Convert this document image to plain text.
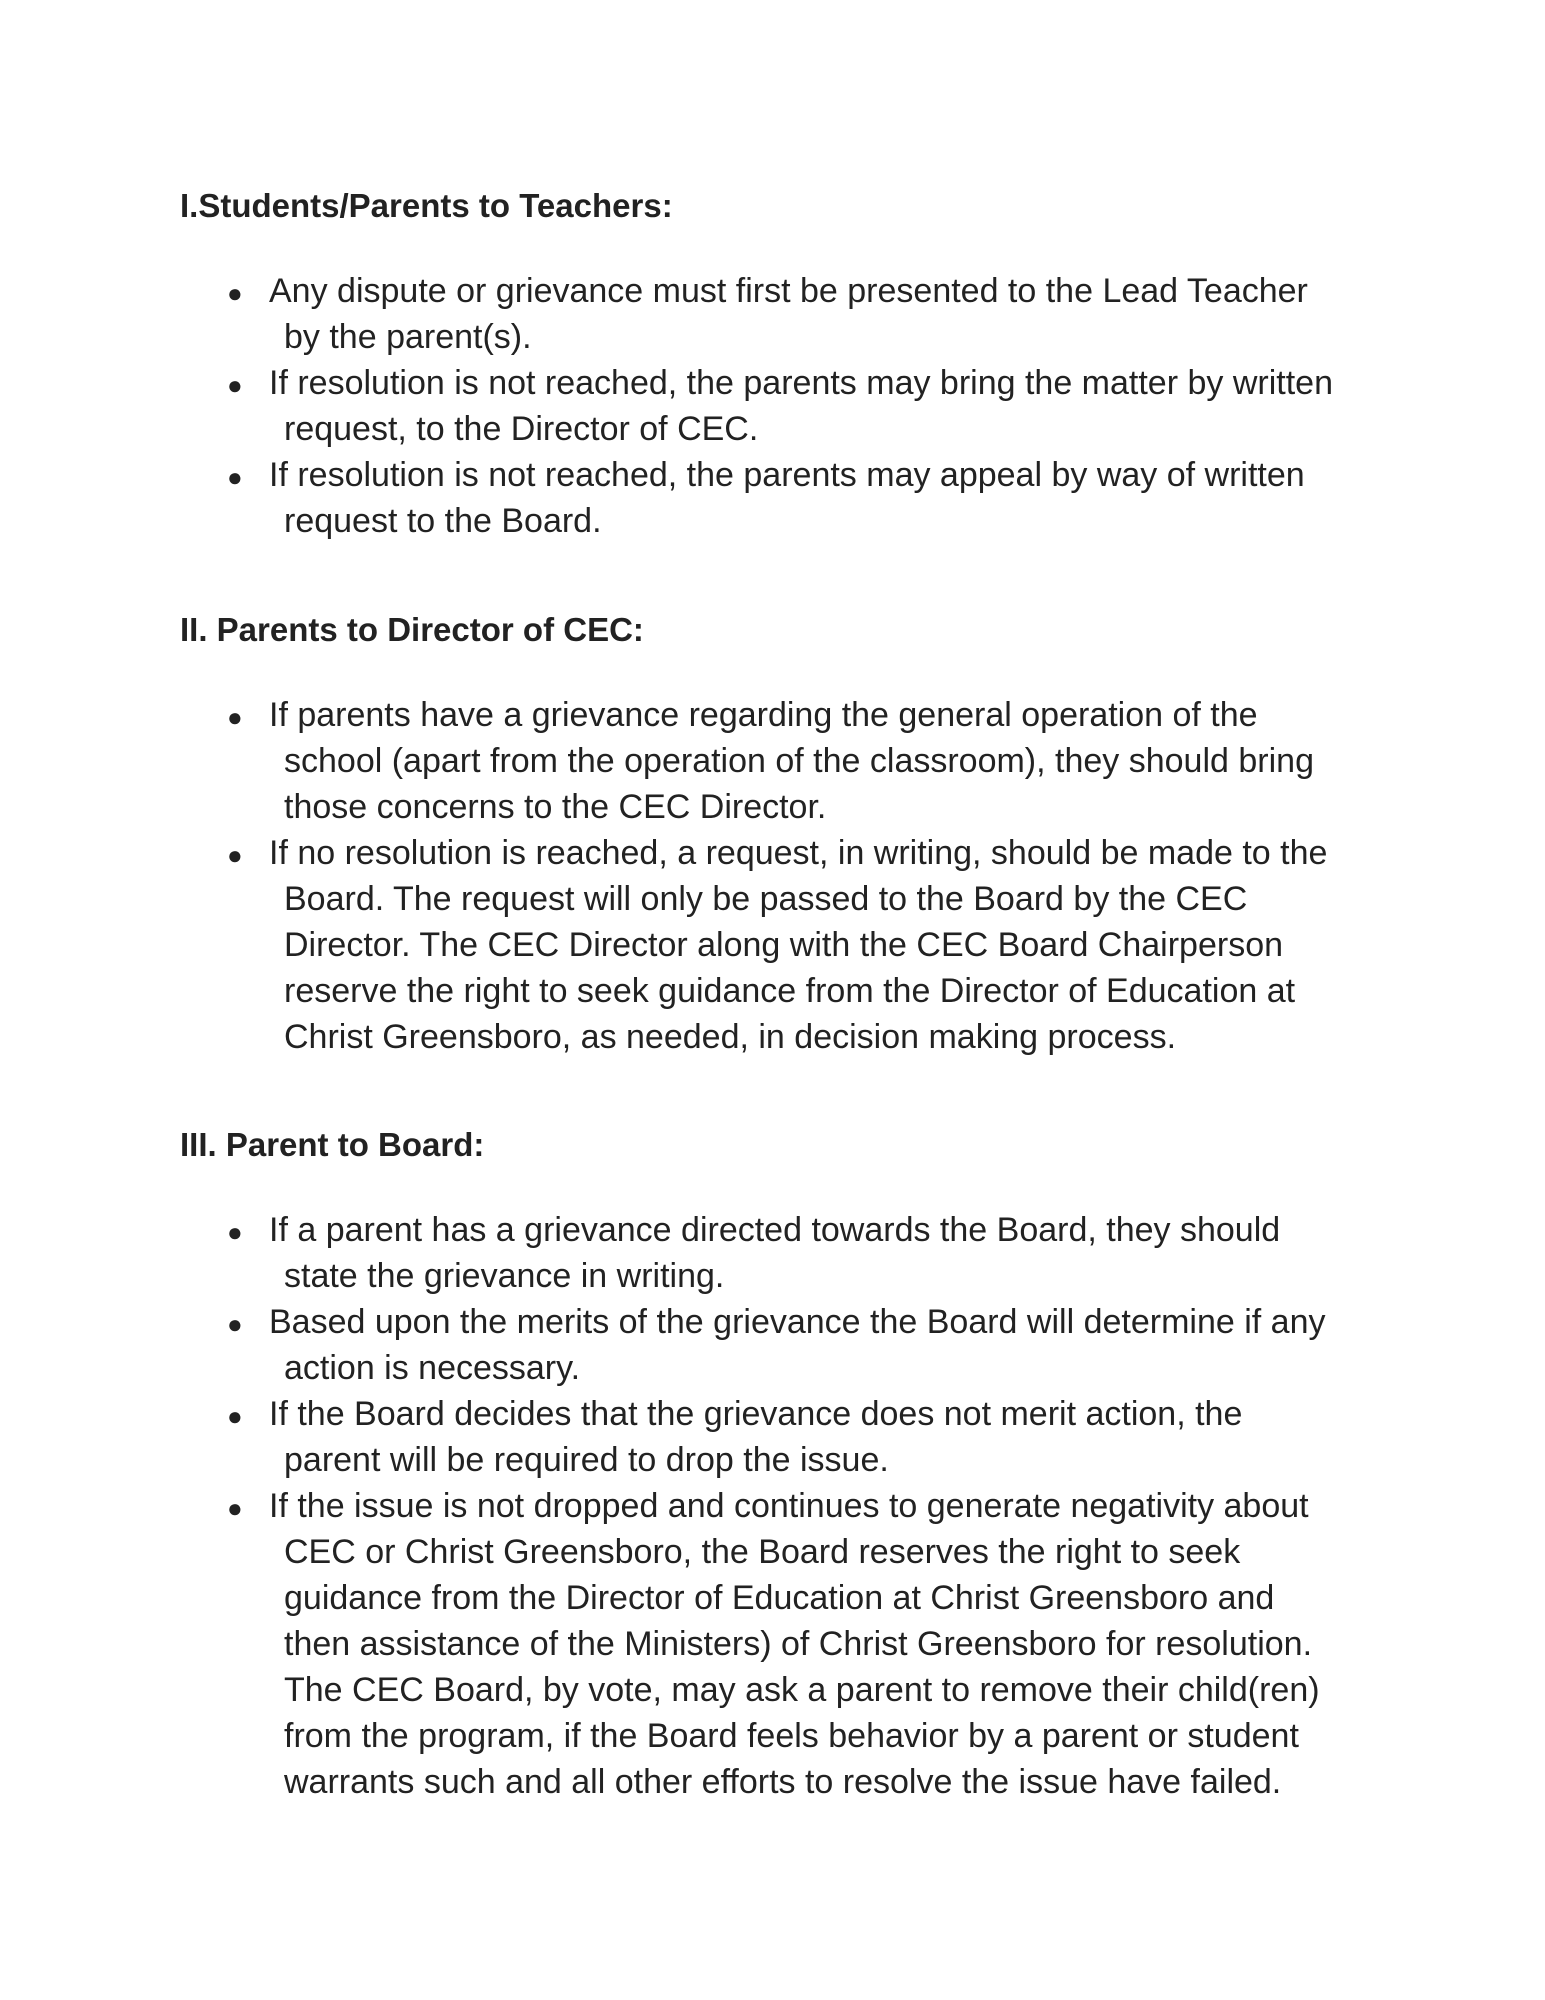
I.Students/Parents to Teachers:
● Any dispute or grievance must first be presented to the Lead Teacher by the parent(s).
● If resolution is not reached, the parents may bring the matter by written request, to the Director of CEC.
● If resolution is not reached, the parents may appeal by way of written request to the Board.
II. Parents to Director of CEC:
● If parents have a grievance regarding the general operation of the school (apart from the operation of the classroom), they should bring those concerns to the CEC Director.
● If no resolution is reached, a request, in writing, should be made to the Board. The request will only be passed to the Board by the CEC Director. The CEC Director along with the CEC Board Chairperson reserve the right to seek guidance from the Director of Education at Christ Greensboro, as needed, in decision making process.
III. Parent to Board:
● If a parent has a grievance directed towards the Board, they should state the grievance in writing.
● Based upon the merits of the grievance the Board will determine if any action is necessary.
● If the Board decides that the grievance does not merit action, the parent will be required to drop the issue.
● If the issue is not dropped and continues to generate negativity about CEC or Christ Greensboro, the Board reserves the right to seek guidance from the Director of Education at Christ Greensboro and then assistance of the Ministers) of Christ Greensboro for resolution. The CEC Board, by vote, may ask a parent to remove their child(ren) from the program, if the Board feels behavior by a parent or student warrants such and all other efforts to resolve the issue have failed.
